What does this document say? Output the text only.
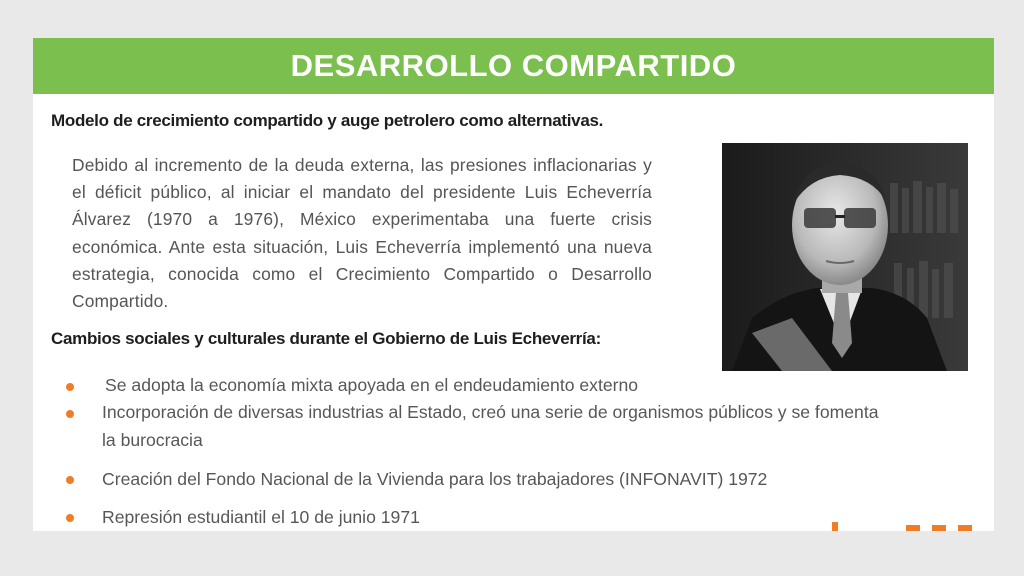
DESARROLLO COMPARTIDO
Modelo de crecimiento compartido y auge petrolero como alternativas.
Debido al incremento de la deuda externa, las presiones inflacionarias y el déficit público, al iniciar el mandato del presidente Luis Echeverría Álvarez (1970 a 1976), México experimentaba una fuerte crisis económica. Ante esta situación, Luis Echeverría implementó una nueva estrategia, conocida como el Crecimiento Compartido o Desarrollo Compartido.
Cambios sociales y culturales durante el Gobierno de Luis Echeverría:
Se adopta la economía mixta apoyada en el endeudamiento externo
Incorporación de diversas industrias al Estado, creó una serie de organismos públicos y se fomenta
la burocracia
Creación del Fondo Nacional de la Vivienda para los trabajadores (INFONAVIT) 1972
Represión estudiantil el 10 de junio 1971
